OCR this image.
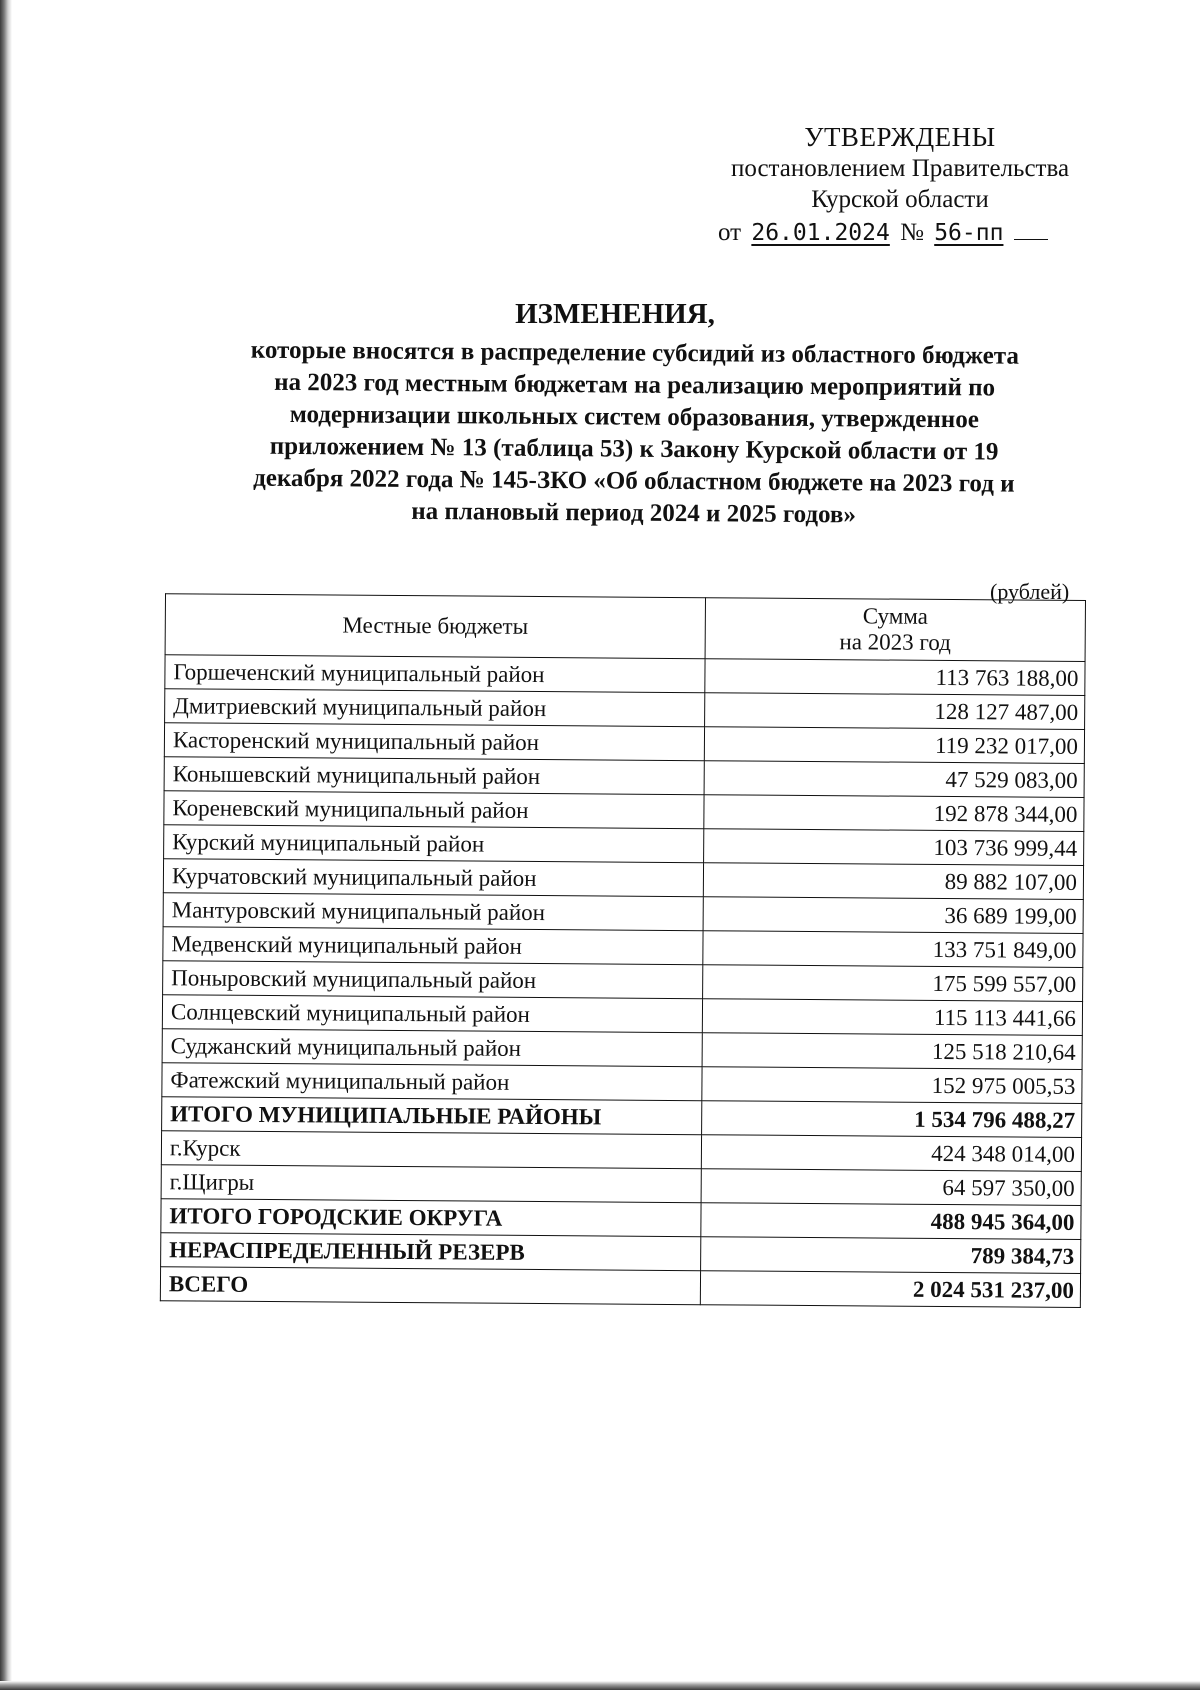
УТВЕРЖДЕНЫ
постановлением Правительства
Курской области
от 26.01.2024 № 56-пп
ИЗМЕНЕНИЯ,
которые вносятся в распределение субсидий из областного бюджета
на 2023 год местным бюджетам на реализацию мероприятий по
модернизации школьных систем образования, утвержденное
приложением № 13 (таблица 53) к Закону Курской области от 19
декабря 2022 года № 145-ЗКО «Об областном бюджете на 2023 год и
на плановый период 2024 и 2025 годов»
(рублей)
Местные бюджеты	Сумма
на 2023 год

Горшеченский муниципальный район	113 763 188,00
Дмитриевский муниципальный район	128 127 487,00
Касторенский муниципальный район	119 232 017,00
Конышевский муниципальный район	47 529 083,00
Кореневский муниципальный район	192 878 344,00
Курский муниципальный район	103 736 999,44
Курчатовский муниципальный район	89 882 107,00
Мантуровский муниципальный район	36 689 199,00
Медвенский муниципальный район	133 751 849,00
Поныровский муниципальный район	175 599 557,00
Солнцевский муниципальный район	115 113 441,66
Суджанский муниципальный район	125 518 210,64
Фатежский муниципальный район	152 975 005,53
ИТОГО МУНИЦИПАЛЬНЫЕ РАЙОНЫ	1 534 796 488,27
г.Курск	424 348 014,00
г.Щигры	64 597 350,00
ИТОГО ГОРОДСКИЕ ОКРУГА	488 945 364,00
НЕРАСПРЕДЕЛЕННЫЙ РЕЗЕРВ	789 384,73
ВСЕГО	2 024 531 237,00
